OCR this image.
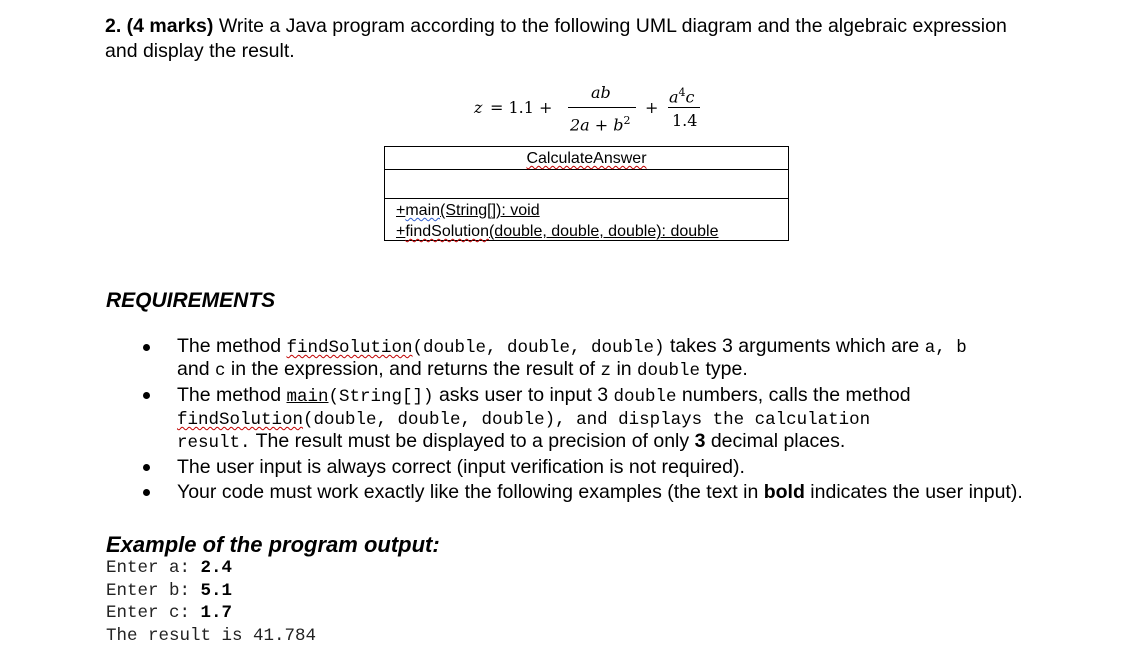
2. (4 marks) Write a Java program according to the following UML diagram and the algebraic expression
and display the result.
z = 1.1 +
ab
$2a + b^2$
+
$a^4c$
1.4
CalculateAnswer
+main(String[]): void
+findSolution(double, double, double): double
REQUIREMENTS
The method findSolution(double, double, double) takes 3 arguments which are a, b
and c in the expression, and returns the result of z in double type.
The method main(String[]) asks user to input 3 double numbers, calls the method
findSolution(double, double, double), and displays the calculation
result. The result must be displayed to a precision of only 3 decimal places.
The user input is always correct (input verification is not required).
Your code must work exactly like the following examples (the text in bold indicates the user input).
Example of the program output:
Enter a: 2.4
Enter b: 5.1
Enter c: 1.7
The result is 41.784
